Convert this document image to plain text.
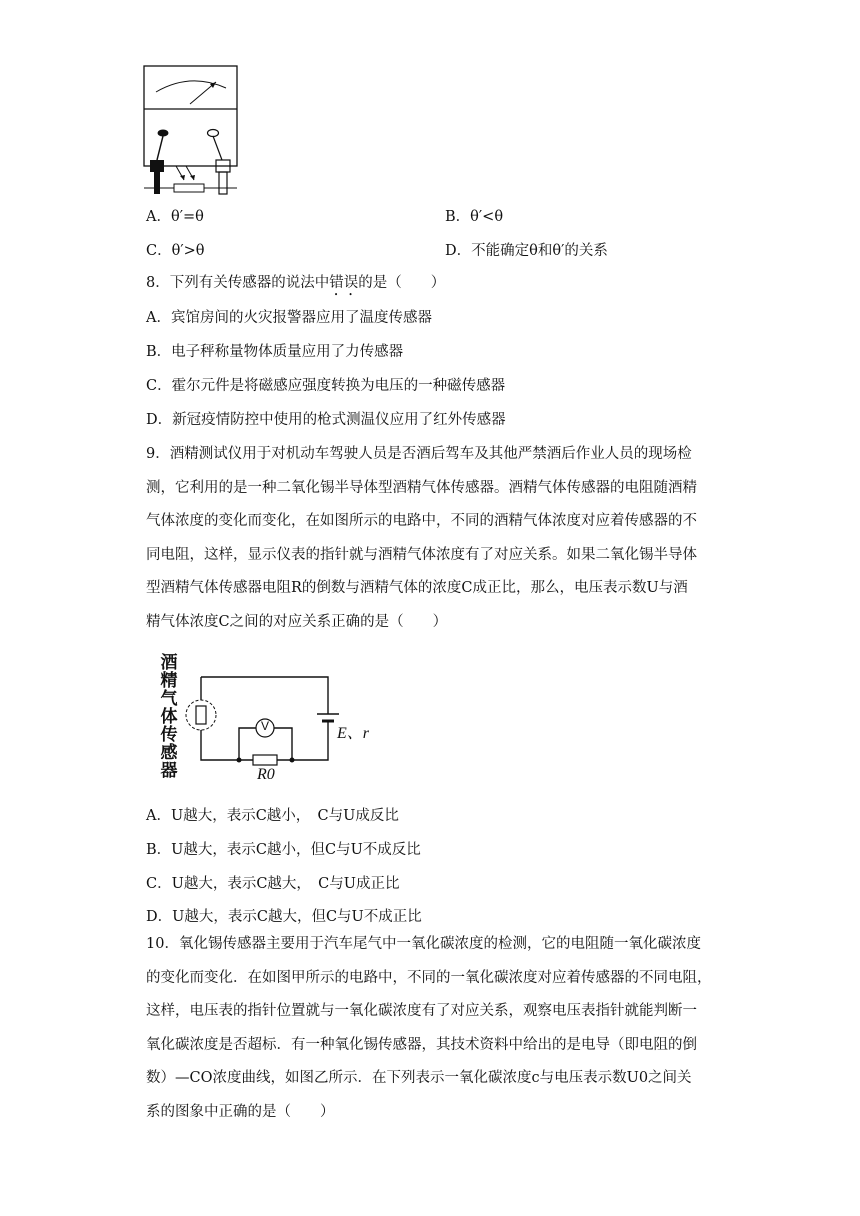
A．θ′=θ	B．θ′<θ
C．θ′>θ	D．不能确定θ和θ′的关系
8．下列有关传感器的说法中错误的是（　　）
A．宾馆房间的火灾报警器应用了温度传感器
B．电子秤称量物体质量应用了力传感器
C．霍尔元件是将磁感应强度转换为电压的一种磁传感器
D．新冠疫情防控中使用的枪式测温仪应用了红外传感器
9．酒精测试仪用于对机动车驾驶人员是否酒后驾车及其他严禁酒后作业人员的现场检
测，它利用的是一种二氧化锡半导体型酒精气体传感器。酒精气体传感器的电阻随酒精
气体浓度的变化而变化，在如图所示的电路中，不同的酒精气体浓度对应着传感器的不
同电阻，这样，显示仪表的指针就与酒精气体浓度有了对应关系。如果二氧化锡半导体
型酒精气体传感器电阻R的倒数与酒精气体的浓度C成正比，那么，电压表示数U与酒
精气体浓度C之间的对应关系正确的是（　　）
酒精气体传感器
V	E、r
R0
A．U越大，表示C越小，　C与U成反比
B．U越大，表示C越小，但C与U不成反比
C．U越大，表示C越大，　C与U成正比
D．U越大，表示C越大，但C与U不成正比
10．氧化锡传感器主要用于汽车尾气中一氧化碳浓度的检测，它的电阻随一氧化碳浓度
的变化而变化．在如图甲所示的电路中，不同的一氧化碳浓度对应着传感器的不同电阻，
这样，电压表的指针位置就与一氧化碳浓度有了对应关系，观察电压表指针就能判断一
氧化碳浓度是否超标．有一种氧化锡传感器，其技术资料中给出的是电导（即电阻的倒
数）—CO浓度曲线，如图乙所示．在下列表示一氧化碳浓度c与电压表示数U0之间关
系的图象中正确的是（　　）
